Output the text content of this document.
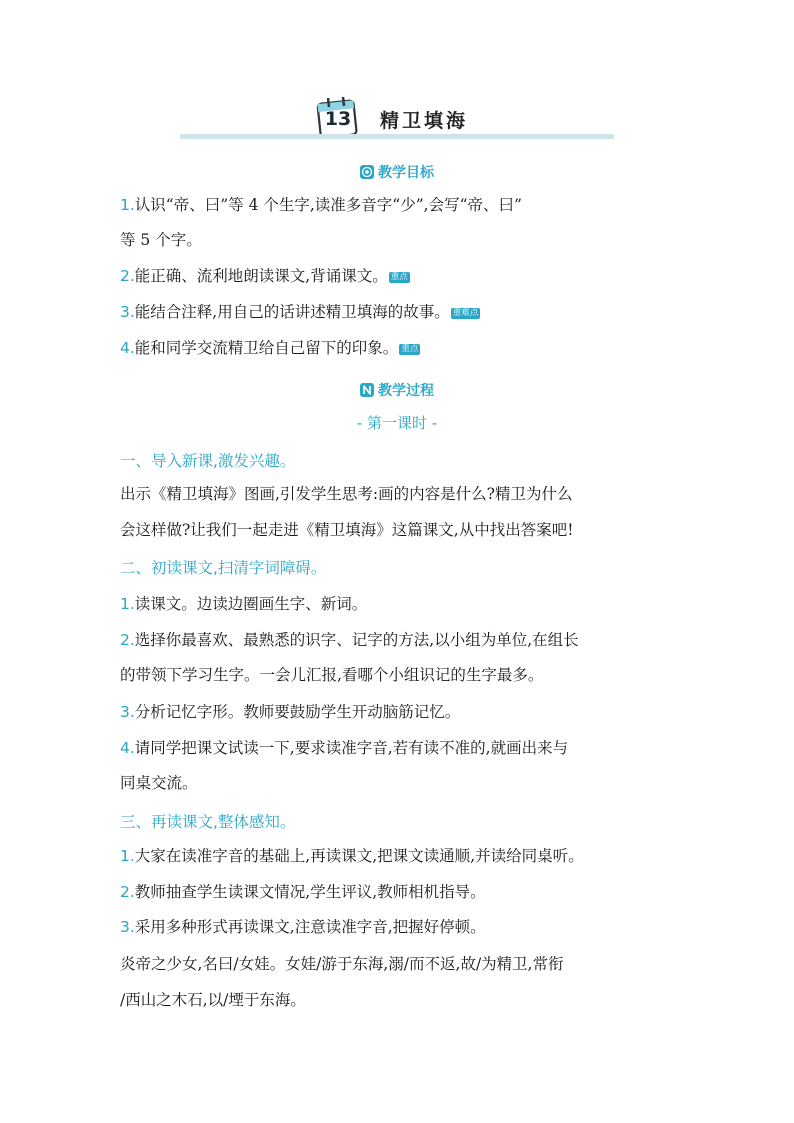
13 精卫填海
教学目标
1.认识“帝、曰”等 4 个生字,读准多音字“少”,会写“帝、曰”
等 5 个字。
2.能正确、流利地朗读课文,背诵课文。 重点
3.能结合注释,用自己的话讲述精卫填海的故事。 重难点
4.能和同学交流精卫给自己留下的印象。 重点
教学过程
- 第一课时 -
一、导入新课,激发兴趣。
出示《精卫填海》图画,引发学生思考:画的内容是什么?精卫为什么
会这样做?让我们一起走进《精卫填海》这篇课文,从中找出答案吧!
二、初读课文,扫清字词障碍。
1.读课文。边读边圈画生字、新词。
2.选择你最喜欢、最熟悉的识字、记字的方法,以小组为单位,在组长
的带领下学习生字。一会儿汇报,看哪个小组识记的生字最多。
3.分析记忆字形。教师要鼓励学生开动脑筋记忆。
4.请同学把课文试读一下,要求读准字音,若有读不准的,就画出来与
同桌交流。
三、再读课文,整体感知。
1.大家在读准字音的基础上,再读课文,把课文读通顺,并读给同桌听。
2.教师抽查学生读课文情况,学生评议,教师相机指导。
3.采用多种形式再读课文,注意读准字音,把握好停顿。
炎帝之少女,名曰/女娃。女娃/游于东海,溺/而不返,故/为精卫,常衔
/西山之木石,以/堙于东海。
